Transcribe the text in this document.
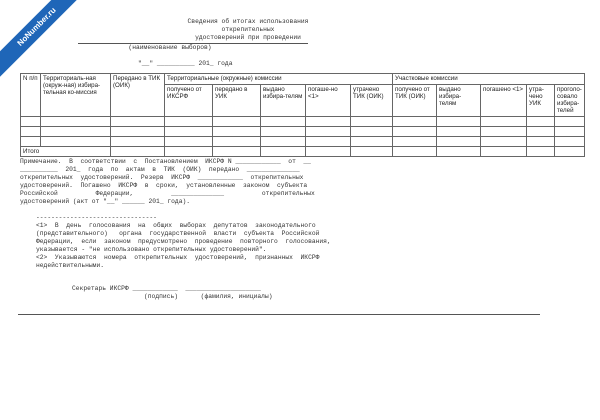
NoNumber.ru	Сведения об итогах использования открепительных
удостоверений при проведении
(наименование выборов)
"__" __________ 201_ года
N п/п	Территориаль-ная (окруж-ная) избира-тельная ко-миссия	Передано в ТИК (ОИК)	Территориальные (окружные) комиссии					Участковые комиссии				
			получено от ИКСРФ	передано в УИК	выдано избира-телям	погаше-но <1>	утрачено ТИК (ОИК)	получено от ТИК (ОИК)	выдано избира-телям	погашено <1>	утра-чено УИК	проголо-совало избира-телей

Итого												
Примечание.  В  соответствии  с  Постановлением  ИКСРФ N ____________  от  __
__________  201_  года  по  актам  в  ТИК  (ОИК)  передано  ______________
открепительных  удостоверений.  Резерв  ИКСРФ  ____________  открепительных
удостоверений.  Погашено  ИКСРФ  в  сроки,  установленные  законом  субъекта
Российской          Федерации,          ______________          открепительных
удостоверений (акт от "__" ______ 201_ года).
--------------------------------
<1>  В  день  голосования  на  общих  выборах  депутатов  законодательного
(представительного)   органа  государственной  власти  субъекта  Российской
Федерации,  если  законом  предусмотрено  проведение  повторного  голосования,
указывается - "не использовано открепительных удостоверений".
<2>  Указываются  номера  открепительных  удостоверений,  признанных  ИКСРФ
недействительными.
Секретарь ИКСРФ ____________  ____________________
(подпись)      (фамилия, инициалы)
